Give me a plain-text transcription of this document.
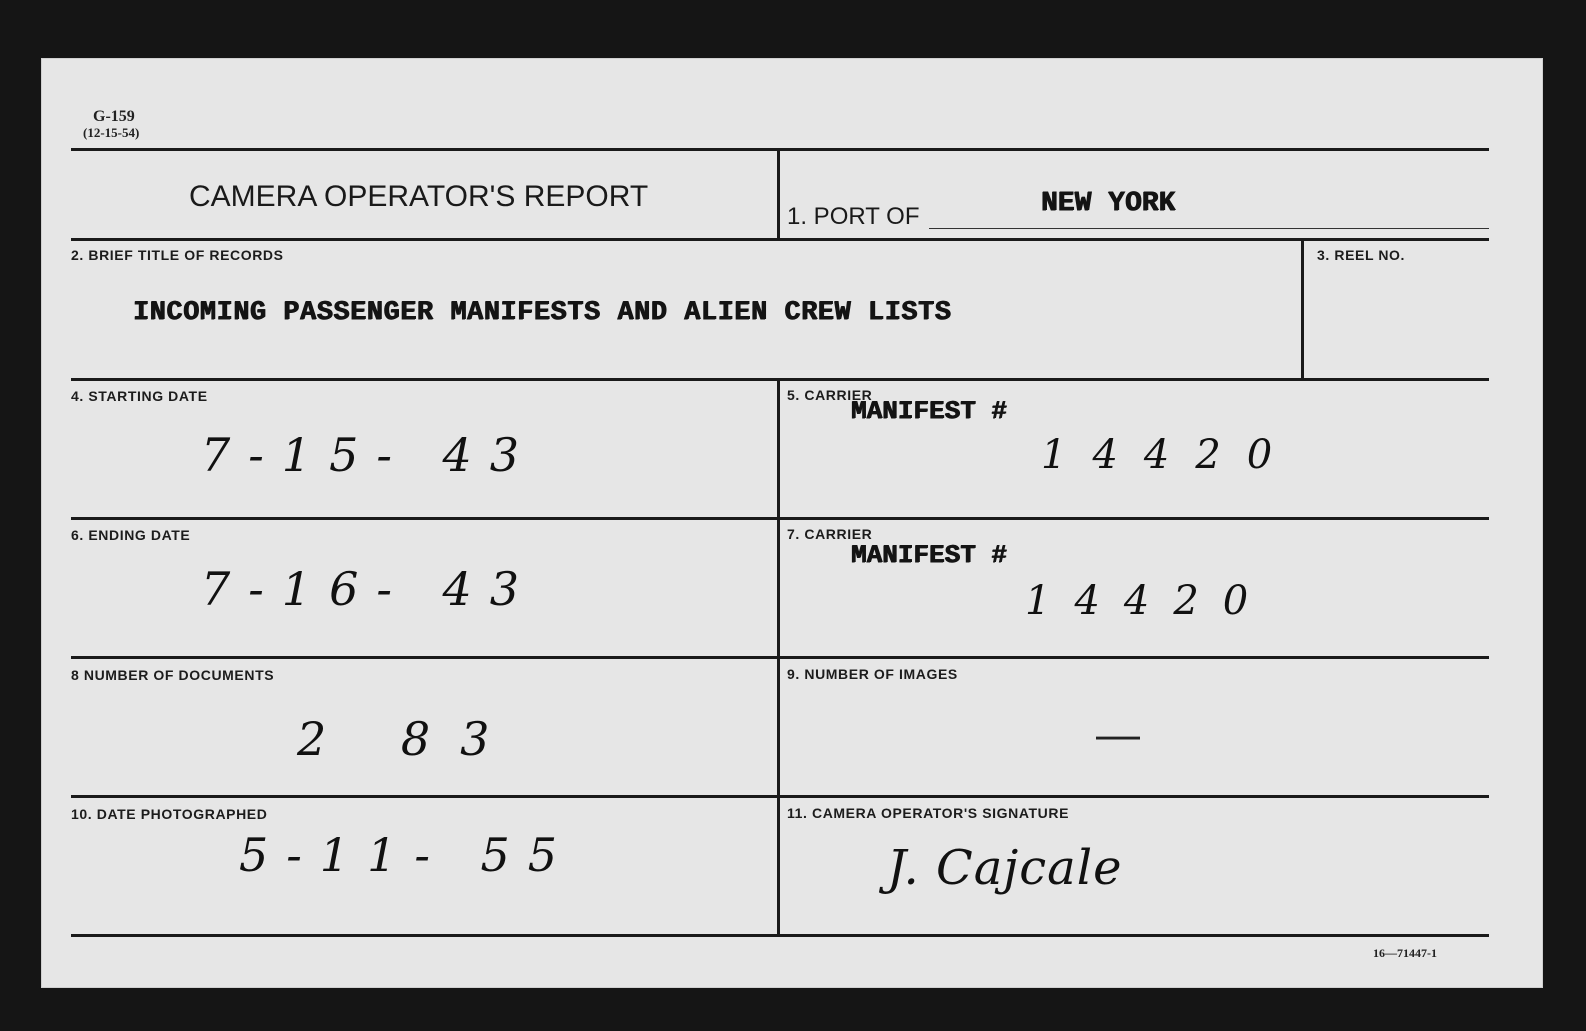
G-159
(12-15-54)
CAMERA OPERATOR'S REPORT
1. PORT OF	NEW YORK
2. BRIEF TITLE OF RECORDS
INCOMING PASSENGER MANIFESTS AND ALIEN CREW LISTS
3. REEL NO.
4. STARTING DATE
7-15- 43
5. CARRIER
MANIFEST #
14420
6. ENDING DATE
7-16- 43
7. CARRIER
MANIFEST #
14420
8 NUMBER OF DOCUMENTS
2 83
9. NUMBER OF IMAGES
—
10. DATE PHOTOGRAPHED
5-11- 55
11. CAMERA OPERATOR'S SIGNATURE
J. Cajcale
16—71447-1
